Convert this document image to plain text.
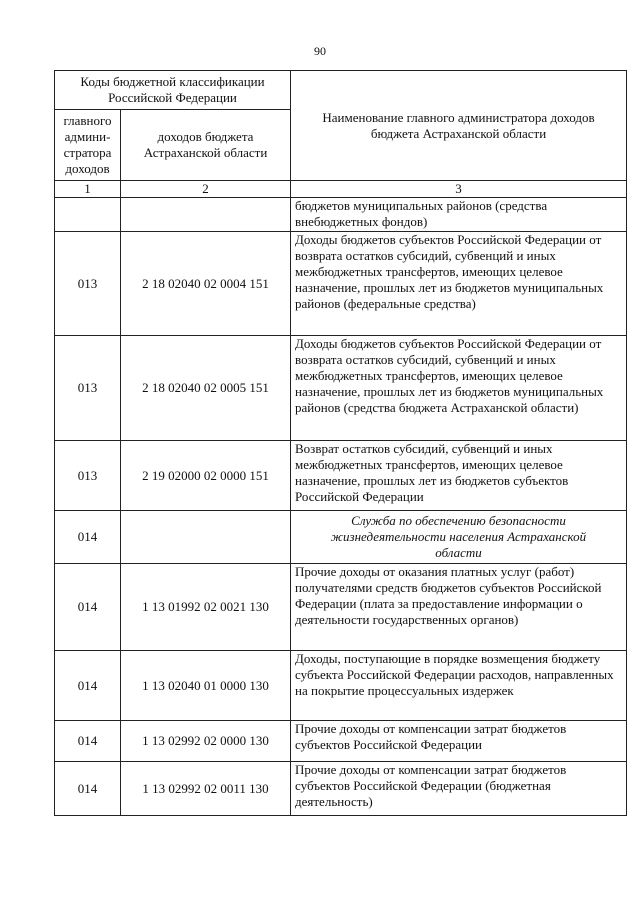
90
Коды бюджетной классификации Российской Федерации		Наименование главного администратора доходов бюджета Астраханской области
главного админи-стратора доходов	доходов бюджета Астраханской области	
1	2	3
		бюджетов муниципальных районов (средства внебюджетных фондов)
013	2 18 02040 02 0004 151	Доходы бюджетов субъектов Российской Федерации от возврата остатков субсидий, субвенций и иных межбюджетных трансфертов, имеющих целевое назначение, прошлых лет из бюджетов муниципальных районов (федеральные средства)
013	2 18 02040 02 0005 151	Доходы бюджетов субъектов Российской Федерации от возврата остатков субсидий, субвенций и иных межбюджетных трансфертов, имеющих целевое назначение, прошлых лет из бюджетов муниципальных районов (средства бюджета Астраханской области)
013	2 19 02000 02 0000 151	Возврат остатков субсидий, субвенций и иных межбюджетных трансфертов, имеющих целевое назначение, прошлых лет из бюджетов субъектов Российской Федерации
014		Служба по обеспечению безопасности жизнедеятельности населения Астраханской области
014	1 13 01992 02 0021 130	Прочие доходы от оказания платных услуг (работ) получателями средств бюджетов субъектов Российской Федерации (плата за предоставление информации о деятельности государственных органов)
014	1 13 02040 01 0000 130	Доходы, поступающие в порядке возмещения бюджету субъекта Российской Федерации расходов, направленных на покрытие процессуальных издержек
014	1 13 02992 02 0000 130	Прочие доходы от компенсации затрат бюджетов субъектов Российской Федерации
014	1 13 02992 02 0011 130	Прочие доходы от компенсации затрат бюджетов субъектов Российской Федерации (бюджетная деятельность)
